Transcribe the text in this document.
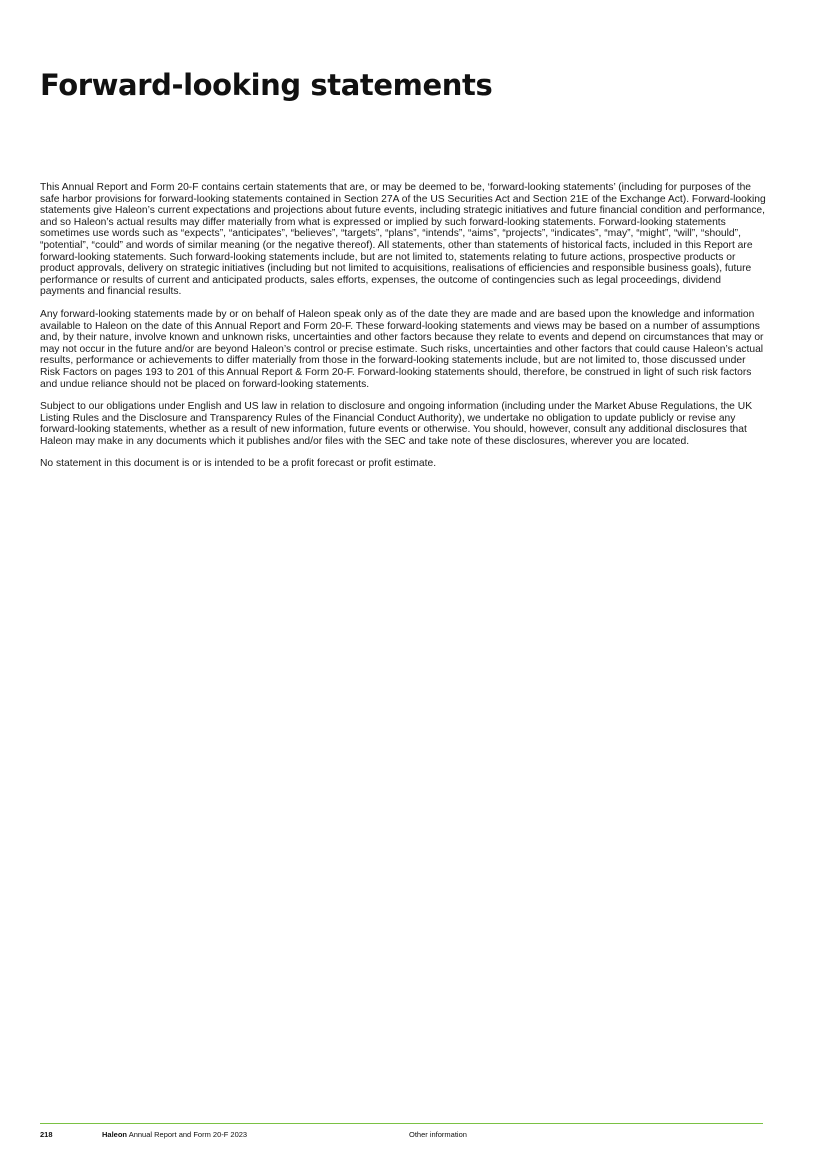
Forward-looking statements

This Annual Report and Form 20-F contains certain statements that are, or may be deemed to be, ‘forward-looking statements’ (including for purposes of the safe harbor provisions for forward-looking statements contained in Section 27A of the US Securities Act and Section 21E of the Exchange Act). Forward-looking statements give Haleon’s current expectations and projections about future events, including strategic initiatives and future financial condition and performance, and so Haleon’s actual results may differ materially from what is expressed or implied by such forward-looking statements. Forward-looking statements sometimes use words such as “expects”, “anticipates”, “believes”, “targets”, “plans”, “intends”, “aims”, “projects”, “indicates”, “may”, “might”, “will”, “should”, “potential”, “could” and words of similar meaning (or the negative thereof). All statements, other than statements of historical facts, included in this Report are forward-looking statements. Such forward-looking statements include, but are not limited to, statements relating to future actions, prospective products or product approvals, delivery on strategic initiatives (including but not limited to acquisitions, realisations of efficiencies and responsible business goals), future performance or results of current and anticipated products, sales efforts, expenses, the outcome of contingencies such as legal proceedings, dividend payments and financial results.

Any forward-looking statements made by or on behalf of Haleon speak only as of the date they are made and are based upon the knowledge and information available to Haleon on the date of this Annual Report and Form 20-F. These forward-looking statements and views may be based on a number of assumptions and, by their nature, involve known and unknown risks, uncertainties and other factors because they relate to events and depend on circumstances that may or may not occur in the future and/or are beyond Haleon’s control or precise estimate. Such risks, uncertainties and other factors that could cause Haleon’s actual results, performance or achievements to differ materially from those in the forward-looking statements include, but are not limited to, those discussed under Risk Factors on pages 193 to 201 of this Annual Report & Form 20-F. Forward-looking statements should, therefore, be construed in light of such risk factors and undue reliance should not be placed on forward-looking statements.

Subject to our obligations under English and US law in relation to disclosure and ongoing information (including under the Market Abuse Regulations, the UK Listing Rules and the Disclosure and Transparency Rules of the Financial Conduct Authority), we undertake no obligation to update publicly or revise any forward-looking statements, whether as a result of new information, future events or otherwise. You should, however, consult any additional disclosures that Haleon may make in any documents which it publishes and/or files with the SEC and take note of these disclosures, wherever you are located.

No statement in this document is or is intended to be a profit forecast or profit estimate.

218	Haleon Annual Report and Form 20-F 2023	Other information
